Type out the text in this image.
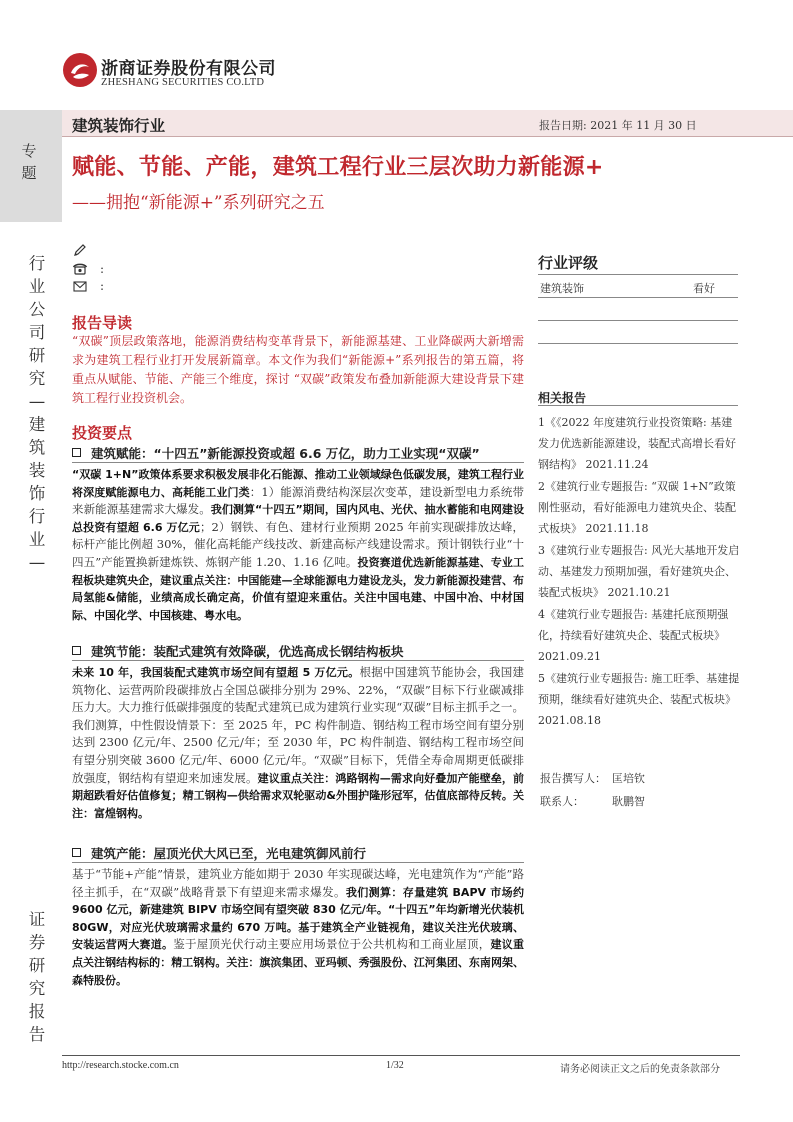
浙商证券股份有限公司
ZHESHANG SECURITIES CO.LTD
专题
建筑装饰行业	报告日期: 2021 年 11 月 30 日
赋能、节能、产能，建筑工程行业三层次助力新能源+
——拥抱“新能源+”系列研究之五
行业公司研究—建筑装饰行业—
证券研究报告
:
:
报告导读

“双碳”顶层政策落地，能源消费结构变革背景下，新能源基建、工业降碳两大新增需求为建筑工程行业打开发展新篇章。本文作为我们“新能源+”系列报告的第五篇，将重点从赋能、节能、产能三个维度，探讨 “双碳”政策发布叠加新能源大建设背景下建筑工程行业投资机会。

投资要点
建筑赋能：“十四五”新能源投资或超 6.6 万亿，助力工业实现“双碳”

“双碳 1+N”政策体系要求积极发展非化石能源、推动工业领域绿色低碳发展，建筑工程行业将深度赋能源电力、高耗能工业门类：1）能源消费结构深层次变革，建设新型电力系统带来新能源基建需求大爆发。我们测算“十四五”期间，国内风电、光伏、抽水蓄能和电网建设总投资有望超 6.6 万亿元；2）钢铁、有色、建材行业预期 2025 年前实现碳排放达峰，标杆产能比例超 30%，催化高耗能产线技改、新建高标产线建设需求。预计钢铁行业“十四五”产能置换新建炼铁、炼钢产能 1.20、1.16 亿吨。投资赛道优选新能源基建、专业工程板块建筑央企，建议重点关注：中国能建—全球能源电力建设龙头，发力新能源投建营、布局氢能&储能，业绩高成长确定高，价值有望迎来重估。关注中国电建、中国中冶、中材国际、中国化学、中国核建、粤水电。

建筑节能：装配式建筑有效降碳，优选高成长钢结构板块

未来 10 年，我国装配式建筑市场空间有望超 5 万亿元。根据中国建筑节能协会，我国建筑物化、运营两阶段碳排放占全国总碳排分别为 29%、22%，“双碳”目标下行业碳减排压力大。大力推行低碳排强度的装配式建筑已成为建筑行业实现“双碳”目标主抓手之一。我们测算，中性假设情景下：至 2025 年，PC 构件制造、钢结构工程市场空间有望分别达到 2300 亿元/年、2500 亿元/年；至 2030 年，PC 构件制造、钢结构工程市场空间有望分别突破 3600 亿元/年、6000 亿元/年。“双碳”目标下，凭借全寿命周期更低碳排放强度，钢结构有望迎来加速发展。建议重点关注：鸿路钢构—需求向好叠加产能壁垒，前期超跌看好估值修复；精工钢构—供给需求双轮驱动&外围护隆形冠军，估值底部待反转。关注：富煌钢构。

建筑产能：屋顶光伏大风已至，光电建筑御风前行

基于“节能+产能”情景，建筑业方能如期于 2030 年实现碳达峰，光电建筑作为“产能”路径主抓手，在“双碳”战略背景下有望迎来需求爆发。我们测算：存量建筑 BAPV 市场约 9600 亿元，新建建筑 BIPV 市场空间有望突破 830 亿元/年。“十四五”年均新增光伏装机 80GW，对应光伏玻璃需求量约 670 万吨。基于建筑全产业链视角，建议关注光伏玻璃、安装运营两大赛道。鉴于屋顶光伏行动主要应用场景位于公共机构和工商业屋顶，建议重点关注钢结构标的：精工钢构。关注：旗滨集团、亚玛顿、秀强股份、江河集团、东南网架、森特股份。

行业评级
建筑装饰	看好
相关报告
1《《2022 年度建筑行业投资策略: 基建发力优选新能源建设，装配式高增长看好钢结构》 2021.11.24
2《建筑行业专题报告: “双碳 1+N”政策刚性驱动，看好能源电力建筑央企、装配式板块》 2021.11.18
3《建筑行业专题报告: 风光大基地开发启动、基建发力预期加强，看好建筑央企、装配式板块》 2021.10.21
4《建筑行业专题报告: 基建托底预期强化，持续看好建筑央企、装配式板块》 2021.09.21
5《建筑行业专题报告: 施工旺季、基建提预期，继续看好建筑央企、装配式板块》 2021.08.18
报告撰写人： 匡培钦
联系人：	耿鹏智
http://research.stocke.com.cn	1/32	请务必阅读正文之后的免责条款部分
